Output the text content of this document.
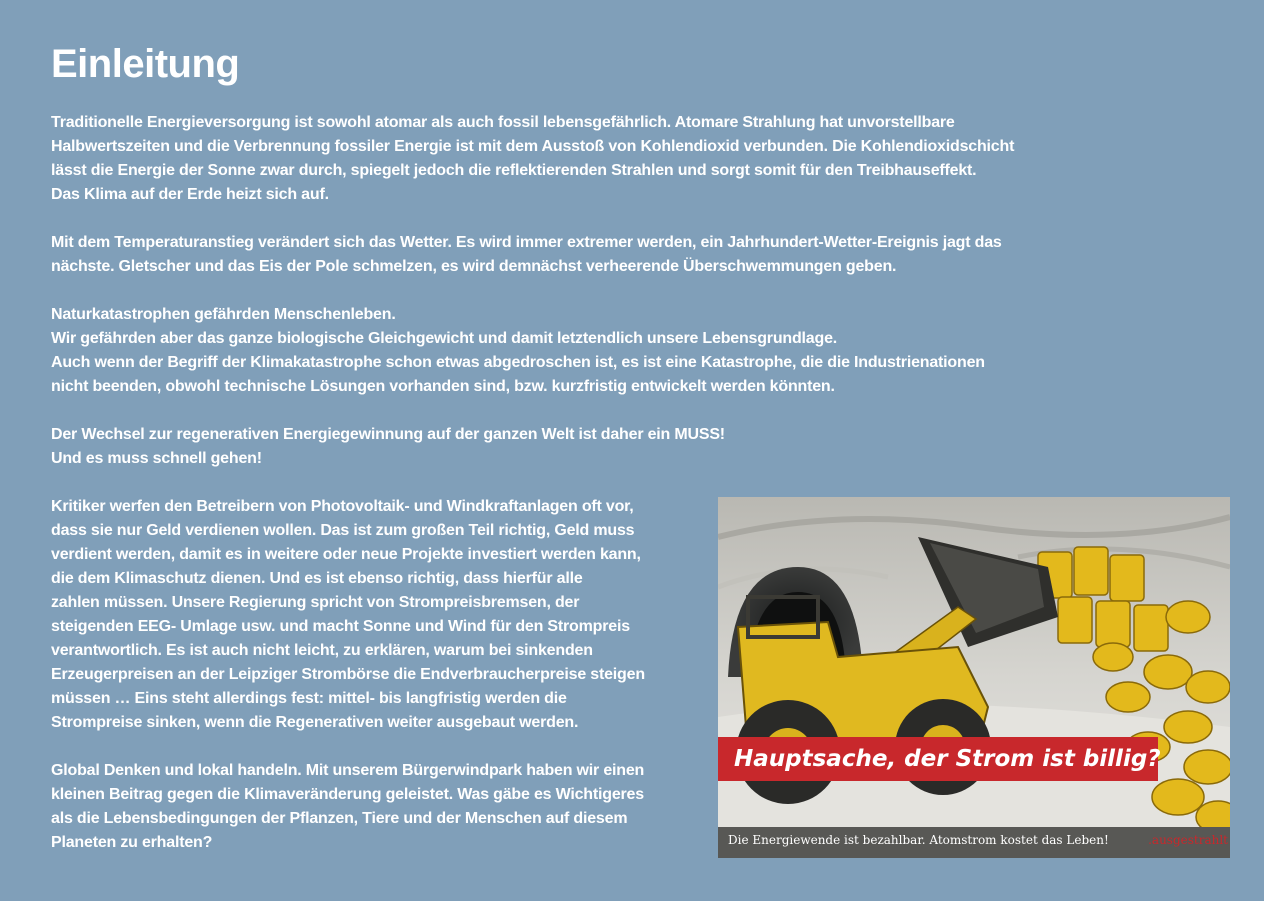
Einleitung
Traditionelle Energieversorgung ist sowohl atomar als auch fossil lebensgefährlich. Atomare Strahlung hat unvorstellbare
Halbwertszeiten und die Verbrennung fossiler Energie ist mit dem Ausstoß von Kohlendioxid verbunden. Die Kohlendioxidschicht
lässt die Energie der Sonne zwar durch, spiegelt jedoch die reflektierenden Strahlen und sorgt somit für den Treibhauseffekt.
Das Klima auf der Erde heizt sich auf.
Mit dem Temperaturanstieg verändert sich das Wetter. Es wird immer extremer werden, ein Jahrhundert-Wetter-Ereignis jagt das
nächste. Gletscher und das Eis der Pole schmelzen, es wird demnächst verheerende Überschwemmungen geben.
Naturkatastrophen gefährden Menschenleben.
Wir gefährden aber das ganze biologische Gleichgewicht und damit letztendlich unsere Lebensgrundlage.
Auch wenn der Begriff der Klimakatastrophe schon etwas abgedroschen ist, es ist eine Katastrophe, die die Industrienationen
nicht beenden, obwohl technische Lösungen vorhanden sind, bzw. kurzfristig entwickelt werden könnten.
Der Wechsel zur regenerativen Energiegewinnung auf der ganzen Welt ist daher ein MUSS!
Und es muss schnell gehen!
Kritiker werfen den Betreibern von Photovoltaik- und Windkraftanlagen oft vor,
dass sie nur Geld verdienen wollen. Das ist zum großen Teil richtig, Geld muss
verdient werden, damit es in weitere oder neue Projekte investiert werden kann,
die dem Klimaschutz dienen. Und es ist ebenso richtig, dass hierfür alle
zahlen müssen. Unsere Regierung spricht von Strompreisbremsen, der
steigenden EEG- Umlage usw. und macht Sonne und Wind für den Strompreis
verantwortlich. Es ist auch nicht leicht, zu erklären, warum bei sinkenden
Erzeugerpreisen an der Leipziger Strombörse die Endverbraucherpreise steigen
müssen … Eins steht allerdings fest: mittel- bis langfristig werden die
Strompreise sinken, wenn die Regenerativen weiter ausgebaut werden.
Global Denken und lokal handeln. Mit unserem Bürgerwindpark haben wir einen
kleinen Beitrag gegen die Klimaveränderung geleistet. Was gäbe es Wichtigeres
als die Lebensbedingungen der Pflanzen, Tiere und der Menschen auf diesem
Planeten zu erhalten?
Hauptsache, der Strom ist billig?
Die Energiewende ist bezahlbar. Atomstrom kostet das Leben!	.ausgestrahlt
